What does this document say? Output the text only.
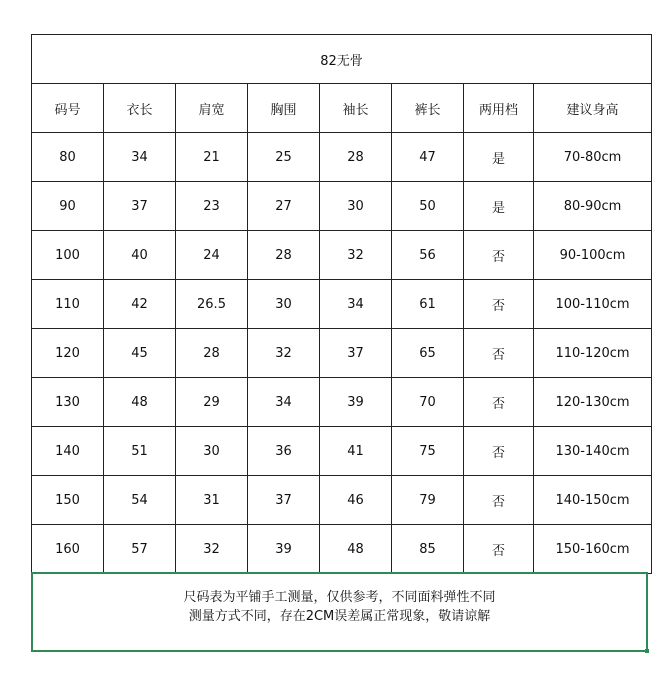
82无骨							
码号	衣长	肩宽	胸围	袖长	裤长	两用档	建议身高
80	34	21	25	28	47	是	70-80cm
90	37	23	27	30	50	是	80-90cm
100	40	24	28	32	56	否	90-100cm
110	42	26.5	30	34	61	否	100-110cm
120	45	28	32	37	65	否	110-120cm
130	48	29	34	39	70	否	120-130cm
140	51	30	36	41	75	否	130-140cm
150	54	31	37	46	79	否	140-150cm
160	57	32	39	48	85	否	150-160cm
尺码表为平铺手工测量，仅供参考，不同面料弹性不同
测量方式不同，存在2CM误差属正常现象，敬请谅解
